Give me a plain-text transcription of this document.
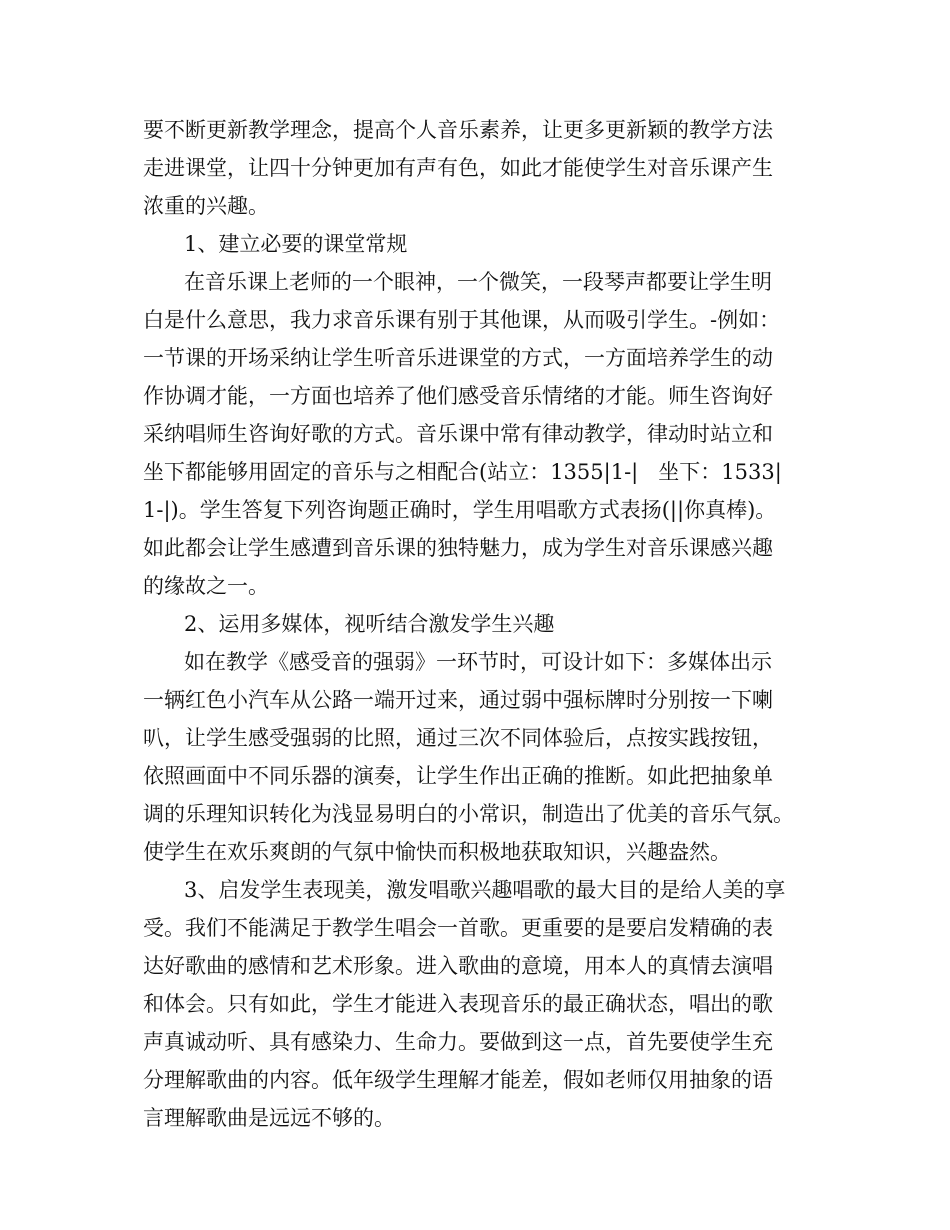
要不断更新教学理念，提高个人音乐素养，让更多更新颖的教学方法

走进课堂，让四十分钟更加有声有色，如此才能使学生对音乐课产生

浓重的兴趣。

1、建立必要的课堂常规

在音乐课上老师的一个眼神，一个微笑，一段琴声都要让学生明

白是什么意思，我力求音乐课有别于其他课，从而吸引学生。-例如：

一节课的开场采纳让学生听音乐进课堂的方式，一方面培养学生的动

作协调才能，一方面也培养了他们感受音乐情绪的才能。师生咨询好

采纳唱师生咨询好歌的方式。音乐课中常有律动教学，律动时站立和

坐下都能够用固定的音乐与之相配合(站立：1355|1-|   坐下：1533|

1-|)。学生答复下列咨询题正确时，学生用唱歌方式表扬(||你真棒)。

如此都会让学生感遭到音乐课的独特魅力，成为学生对音乐课感兴趣

的缘故之一。

2、运用多媒体，视听结合激发学生兴趣

如在教学《感受音的强弱》一环节时，可设计如下：多媒体出示

一辆红色小汽车从公路一端开过来，通过弱中强标牌时分别按一下喇

叭，让学生感受强弱的比照，通过三次不同体验后，点按实践按钮，

依照画面中不同乐器的演奏，让学生作出正确的推断。如此把抽象单

调的乐理知识转化为浅显易明白的小常识，制造出了优美的音乐气氛。

使学生在欢乐爽朗的气氛中愉快而积极地获取知识，兴趣盎然。

3、启发学生表现美，激发唱歌兴趣唱歌的最大目的是给人美的享

受。我们不能满足于教学生唱会一首歌。更重要的是要启发精确的表

达好歌曲的感情和艺术形象。进入歌曲的意境，用本人的真情去演唱

和体会。只有如此，学生才能进入表现音乐的最正确状态，唱出的歌

声真诚动听、具有感染力、生命力。要做到这一点，首先要使学生充

分理解歌曲的内容。低年级学生理解才能差，假如老师仅用抽象的语

言理解歌曲是远远不够的。
